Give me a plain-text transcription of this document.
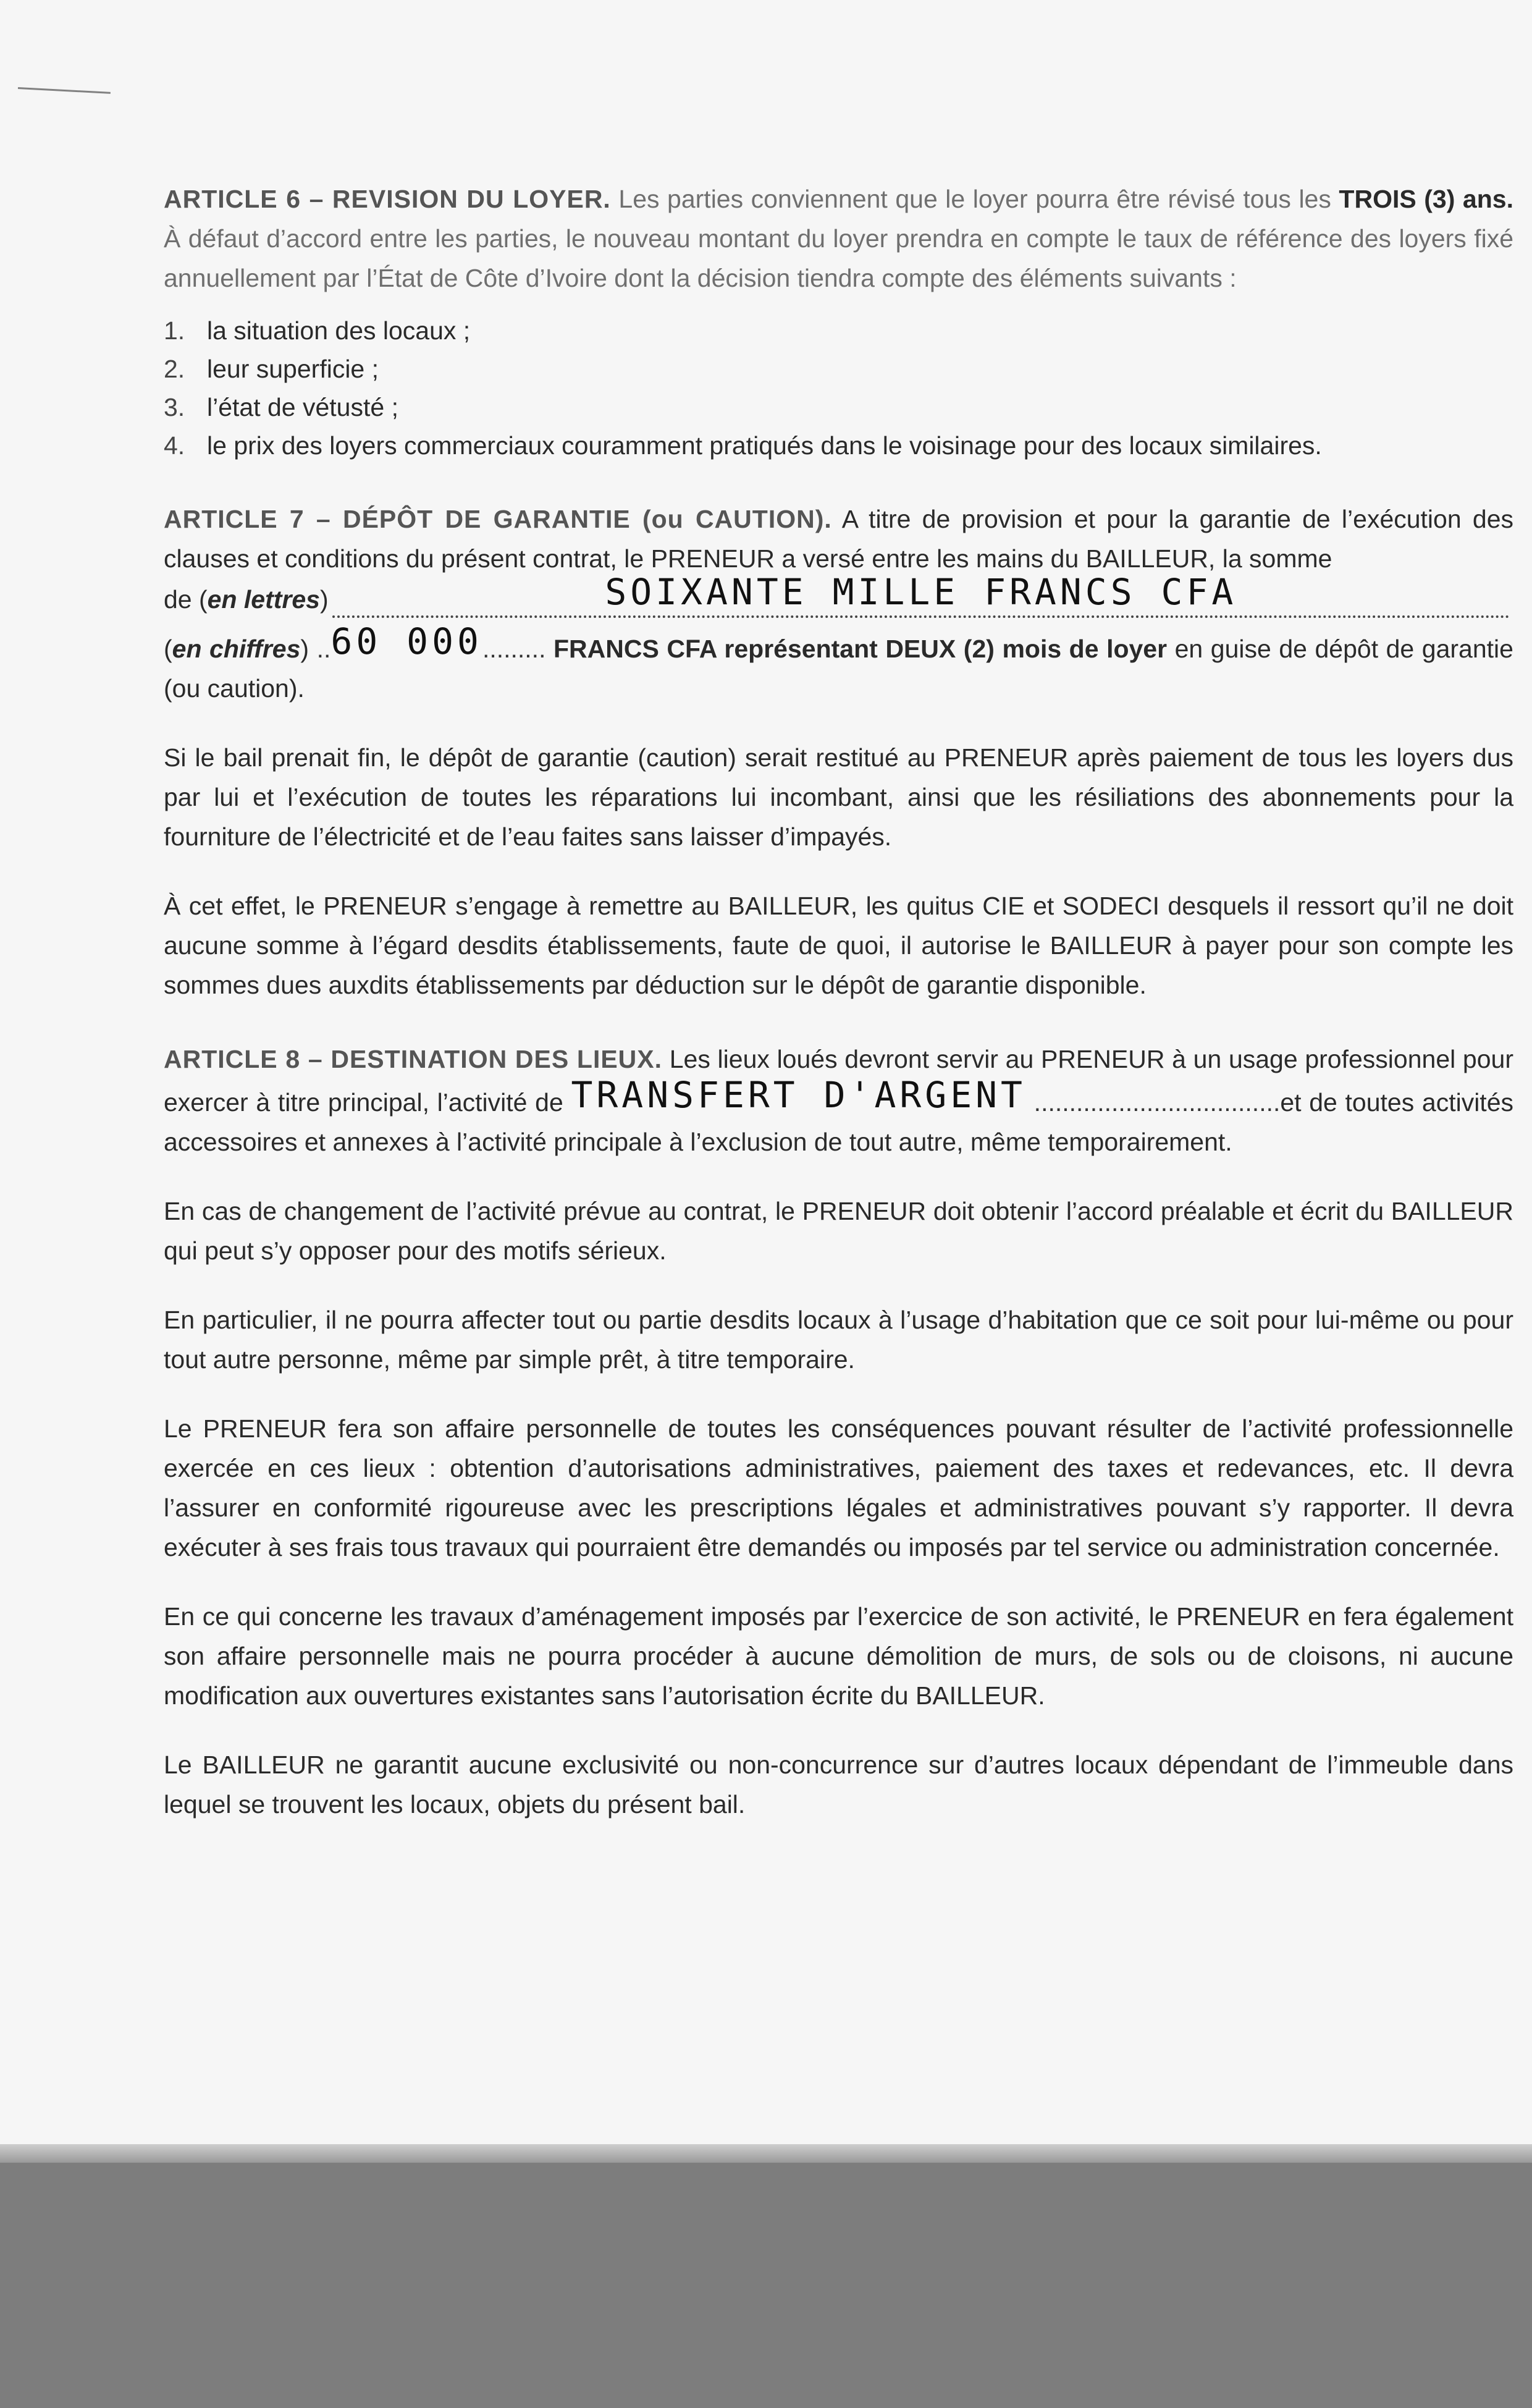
ARTICLE 6 – REVISION DU LOYER. Les parties conviennent que le loyer pourra être révisé tous les TROIS (3) ans. À défaut d’accord entre les parties, le nouveau montant du loyer prendra en compte le taux de référence des loyers fixé annuellement par l’État de Côte d’Ivoire dont la décision tiendra compte des éléments suivants :

1. la situation des locaux ;
2. leur superficie ;
3. l’état de vétusté ;
4. le prix des loyers commerciaux couramment pratiqués dans le voisinage pour des locaux similaires.

ARTICLE 7 – DÉPÔT DE GARANTIE (ou CAUTION). A titre de provision et pour la garantie de l’exécution des clauses et conditions du présent contrat, le PRENEUR a versé entre les mains du BAILLEUR, la somme

de ( en lettres )	SOIXANTE MILLE FRANCS CFA

(en chiffres) ..60 000......... FRANCS CFA représentant DEUX (2) mois de loyer en guise de dépôt de garantie (ou caution).

Si le bail prenait fin, le dépôt de garantie (caution) serait restitué au PRENEUR après paiement de tous les loyers dus par lui et l’exécution de toutes les réparations lui incombant, ainsi que les résiliations des abonnements pour la fourniture de l’électricité et de l’eau faites sans laisser d’impayés.

À cet effet, le PRENEUR s’engage à remettre au BAILLEUR, les quitus CIE et SODECI desquels il ressort qu’il ne doit aucune somme à l’égard desdits établissements, faute de quoi, il autorise le BAILLEUR à payer pour son compte les sommes dues auxdits établissements par déduction sur le dépôt de garantie disponible.

ARTICLE 8 – DESTINATION DES LIEUX. Les lieux loués devront servir au PRENEUR à un usage professionnel pour exercer à titre principal, l’activité de TRANSFERT D'ARGENT ...................................et de toutes activités accessoires et annexes à l’activité principale à l’exclusion de tout autre, même temporairement.

En cas de changement de l’activité prévue au contrat, le PRENEUR doit obtenir l’accord préalable et écrit du BAILLEUR qui peut s’y opposer pour des motifs sérieux.

En particulier, il ne pourra affecter tout ou partie desdits locaux à l’usage d’habitation que ce soit pour lui-même ou pour tout autre personne, même par simple prêt, à titre temporaire.

Le PRENEUR fera son affaire personnelle de toutes les conséquences pouvant résulter de l’activité professionnelle exercée en ces lieux : obtention d’autorisations administratives, paiement des taxes et redevances, etc. Il devra l’assurer en conformité rigoureuse avec les prescriptions légales et administratives pouvant s’y rapporter. Il devra exécuter à ses frais tous travaux qui pourraient être demandés ou imposés par tel service ou administration concernée.

En ce qui concerne les travaux d’aménagement imposés par l’exercice de son activité, le PRENEUR en fera également son affaire personnelle mais ne pourra procéder à aucune démolition de murs, de sols ou de cloisons, ni aucune modification aux ouvertures existantes sans l’autorisation écrite du BAILLEUR.

Le BAILLEUR ne garantit aucune exclusivité ou non-concurrence sur d’autres locaux dépendant de l’immeuble dans lequel se trouvent les locaux, objets du présent bail.
